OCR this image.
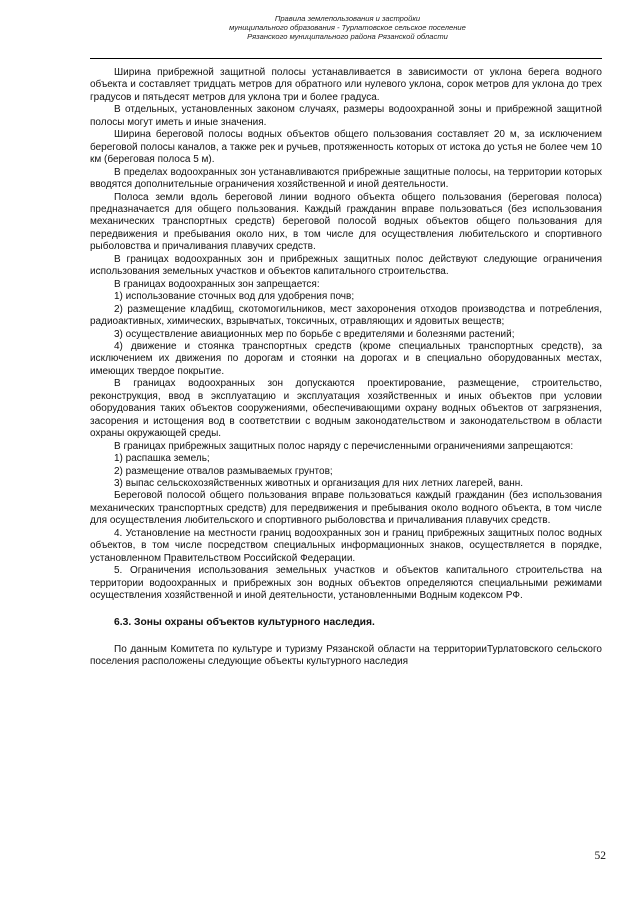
Правила землепользования и застройки
муниципального образования - Турлатовское сельское поселение
Рязанского муниципального района Рязанской области

Ширина прибрежной защитной полосы устанавливается в зависимости от уклона берега водного объекта и составляет тридцать метров для обратного или нулевого уклона, сорок метров для уклона до трех градусов и пятьдесят метров для уклона три и более градуса.

В отдельных, установленных законом случаях, размеры водоохранной зоны и прибрежной защитной полосы могут иметь и иные значения.

Ширина береговой полосы водных объектов общего пользования составляет 20 м, за исключением береговой полосы каналов, а также рек и ручьев, протяженность которых от истока до устья не более чем 10 км (береговая полоса 5 м).

В пределах водоохранных зон устанавливаются прибрежные защитные полосы, на территории которых вводятся дополнительные ограничения хозяйственной и иной деятельности.

Полоса земли вдоль береговой линии водного объекта общего пользования (береговая полоса) предназначается для общего пользования. Каждый гражданин вправе пользоваться (без использования механических транспортных средств) береговой полосой водных объектов общего пользования для передвижения и пребывания около них, в том числе для осуществления любительского и спортивного рыболовства и причаливания плавучих средств.

В границах водоохранных зон и прибрежных защитных полос действуют следующие ограничения использования земельных участков и объектов капитального строительства.

В границах водоохранных зон запрещается:

1) использование сточных вод для удобрения почв;

2) размещение кладбищ, скотомогильников, мест захоронения отходов производства и потребления, радиоактивных, химических, взрывчатых, токсичных, отравляющих и ядовитых веществ;

3) осуществление авиационных мер по борьбе с вредителями и болезнями растений;

4) движение и стоянка транспортных средств (кроме специальных транспортных средств), за исключением их движения по дорогам и стоянки на дорогах и в специально оборудованных местах, имеющих твердое покрытие.

В границах водоохранных зон допускаются проектирование, размещение, строительство, реконструкция, ввод в эксплуатацию и эксплуатация хозяйственных и иных объектов при условии оборудования таких объектов сооружениями, обеспечивающими охрану водных объектов от загрязнения, засорения и истощения вод в соответствии с водным законодательством и законодательством в области охраны окружающей среды.

В границах прибрежных защитных полос наряду с перечисленными ограничениями запрещаются:

1) распашка земель;

2) размещение отвалов размываемых грунтов;

3) выпас сельскохозяйственных животных и организация для них летних лагерей, ванн.

Береговой полосой общего пользования вправе пользоваться каждый гражданин (без использования механических транспортных средств) для передвижения и пребывания около водного объекта, в том числе для осуществления любительского и спортивного рыболовства и причаливания плавучих средств.

4. Установление на местности границ водоохранных зон и границ прибрежных защитных полос водных объектов, в том числе посредством специальных информационных знаков, осуществляется в порядке, установленном Правительством Российской Федерации.

5. Ограничения использования земельных участков и объектов капитального строительства на территории водоохранных и прибрежных зон водных объектов определяются специальными режимами осуществления хозяйственной и иной деятельности, установленными Водным кодексом РФ.

6.3. Зоны охраны объектов культурного наследия.

По данным Комитета по культуре и туризму Рязанской области на территорииТурлатовского сельского поселения расположены следующие объекты культурного наследия

52
